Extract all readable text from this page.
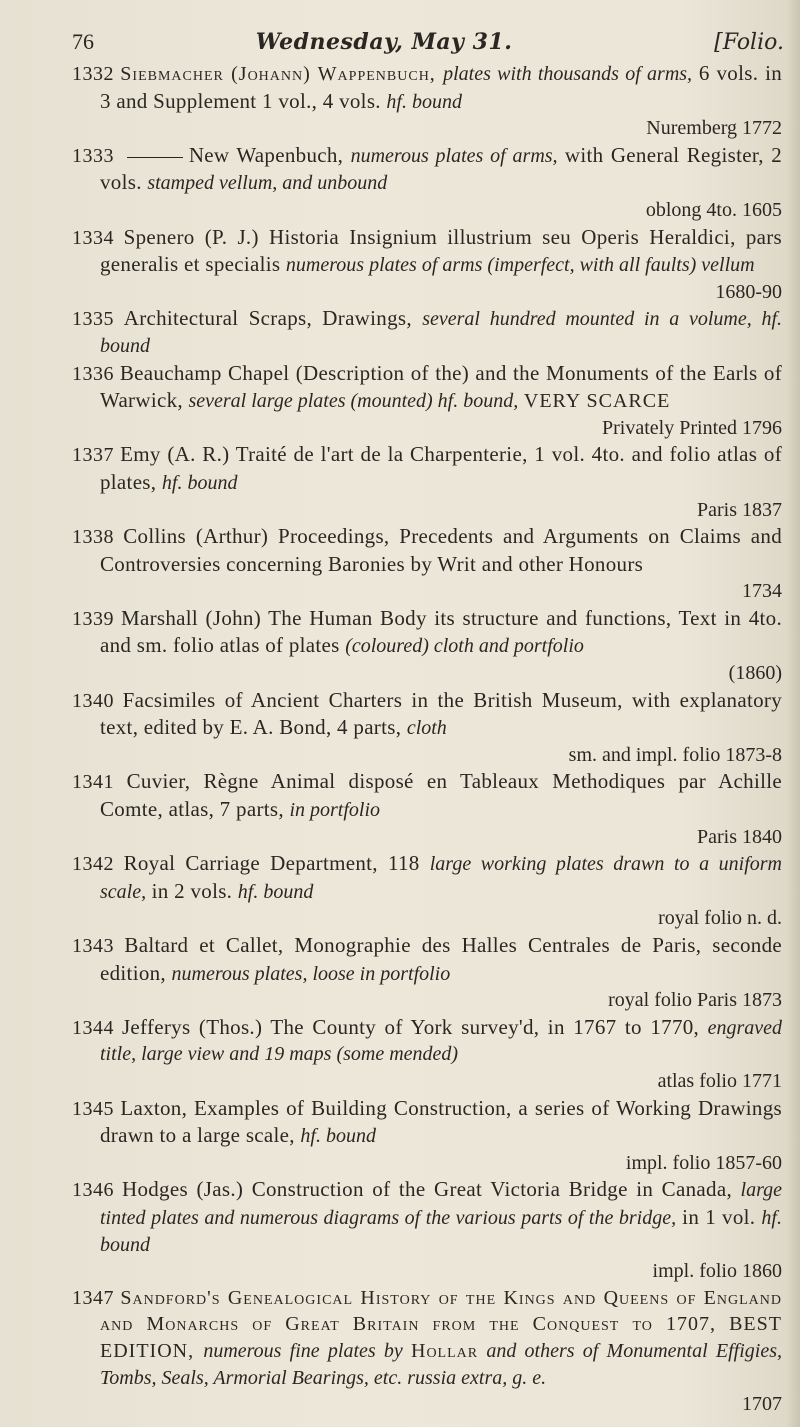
76	Wednesday, May 31.	[Folio.
1332 Siebmacher (Johann) Wappenbuch, plates with thousands of arms, 6 vols. in 3 and Supplement 1 vol., 4 vols. hf. bound
Nuremberg 1772
1333	New Wapenbuch, numerous plates of arms, with General Register, 2 vols. stamped vellum, and unbound
oblong 4to. 1605
1334 Spenero (P. J.) Historia Insignium illustrium seu Operis Heraldici, pars generalis et specialis numerous plates of arms (imperfect, with all faults) vellum
1680-90
1335 Architectural Scraps, Drawings, several hundred mounted in a volume, hf. bound
1336 Beauchamp Chapel (Description of the) and the Monuments of the Earls of Warwick, several large plates (mounted) hf. bound, VERY SCARCE
Privately Printed 1796
1337 Emy (A. R.) Traité de l'art de la Charpenterie, 1 vol. 4to. and folio atlas of plates, hf. bound
Paris 1837
1338 Collins (Arthur) Proceedings, Precedents and Arguments on Claims and Controversies concerning Baronies by Writ and other Honours
1734
1339 Marshall (John) The Human Body its structure and functions, Text in 4to. and sm. folio atlas of plates (coloured) cloth and portfolio
(1860)
1340 Facsimiles of Ancient Charters in the British Museum, with explanatory text, edited by E. A. Bond, 4 parts, cloth
sm. and impl. folio 1873-8
1341 Cuvier, Règne Animal disposé en Tableaux Methodiques par Achille Comte, atlas, 7 parts, in portfolio
Paris 1840
1342 Royal Carriage Department, 118 large working plates drawn to a uniform scale, in 2 vols. hf. bound
royal folio n. d.
1343 Baltard et Callet, Monographie des Halles Centrales de Paris, seconde edition, numerous plates, loose in portfolio
royal folio Paris 1873
1344 Jefferys (Thos.) The County of York survey'd, in 1767 to 1770, engraved title, large view and 19 maps (some mended)
atlas folio 1771
1345 Laxton, Examples of Building Construction, a series of Working Drawings drawn to a large scale, hf. bound
impl. folio 1857-60
1346 Hodges (Jas.) Construction of the Great Victoria Bridge in Canada, large tinted plates and numerous diagrams of the various parts of the bridge, in 1 vol. hf. bound
impl. folio 1860
1347 Sandford's Genealogical History of the Kings and Queens of England and Monarchs of Great Britain from the Conquest to 1707, BEST EDITION, numerous fine plates by Hollar and others of Monumental Effigies, Tombs, Seals, Armorial Bearings, etc. russia extra, g. e.
1707
